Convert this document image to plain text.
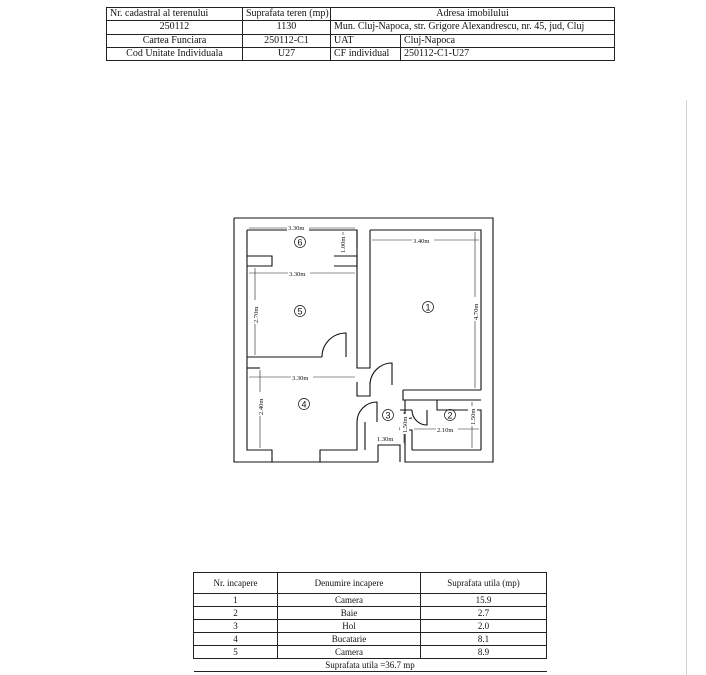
Nr. cadastral al terenului	Suprafata teren (mp)	Adresa imobilului	
250112	1130	Mun. Cluj-Napoca, str. Grigore Alexandrescu, nr. 45, jud, Cluj	
Cartea Funciara	250112-C1	UAT	Cluj-Napoca
Cod Unitate Individuala	U27	CF individual	250112-C1-U27
3.30m
1.00m	3.40m
4.70m
3.30m
2.70m
3.30m
2.40m
1.50m
1.30m
2.10m
1.50m
6
1
5
4
3	2
Nr. incapere	Denumire incapere	Suprafata utila (mp)
1	Camera	15.9
2	Baie	2.7
3	Hol	2.0
4	Bucatarie	8.1
5	Camera	8.9
Suprafata utila =36.7 mp		
